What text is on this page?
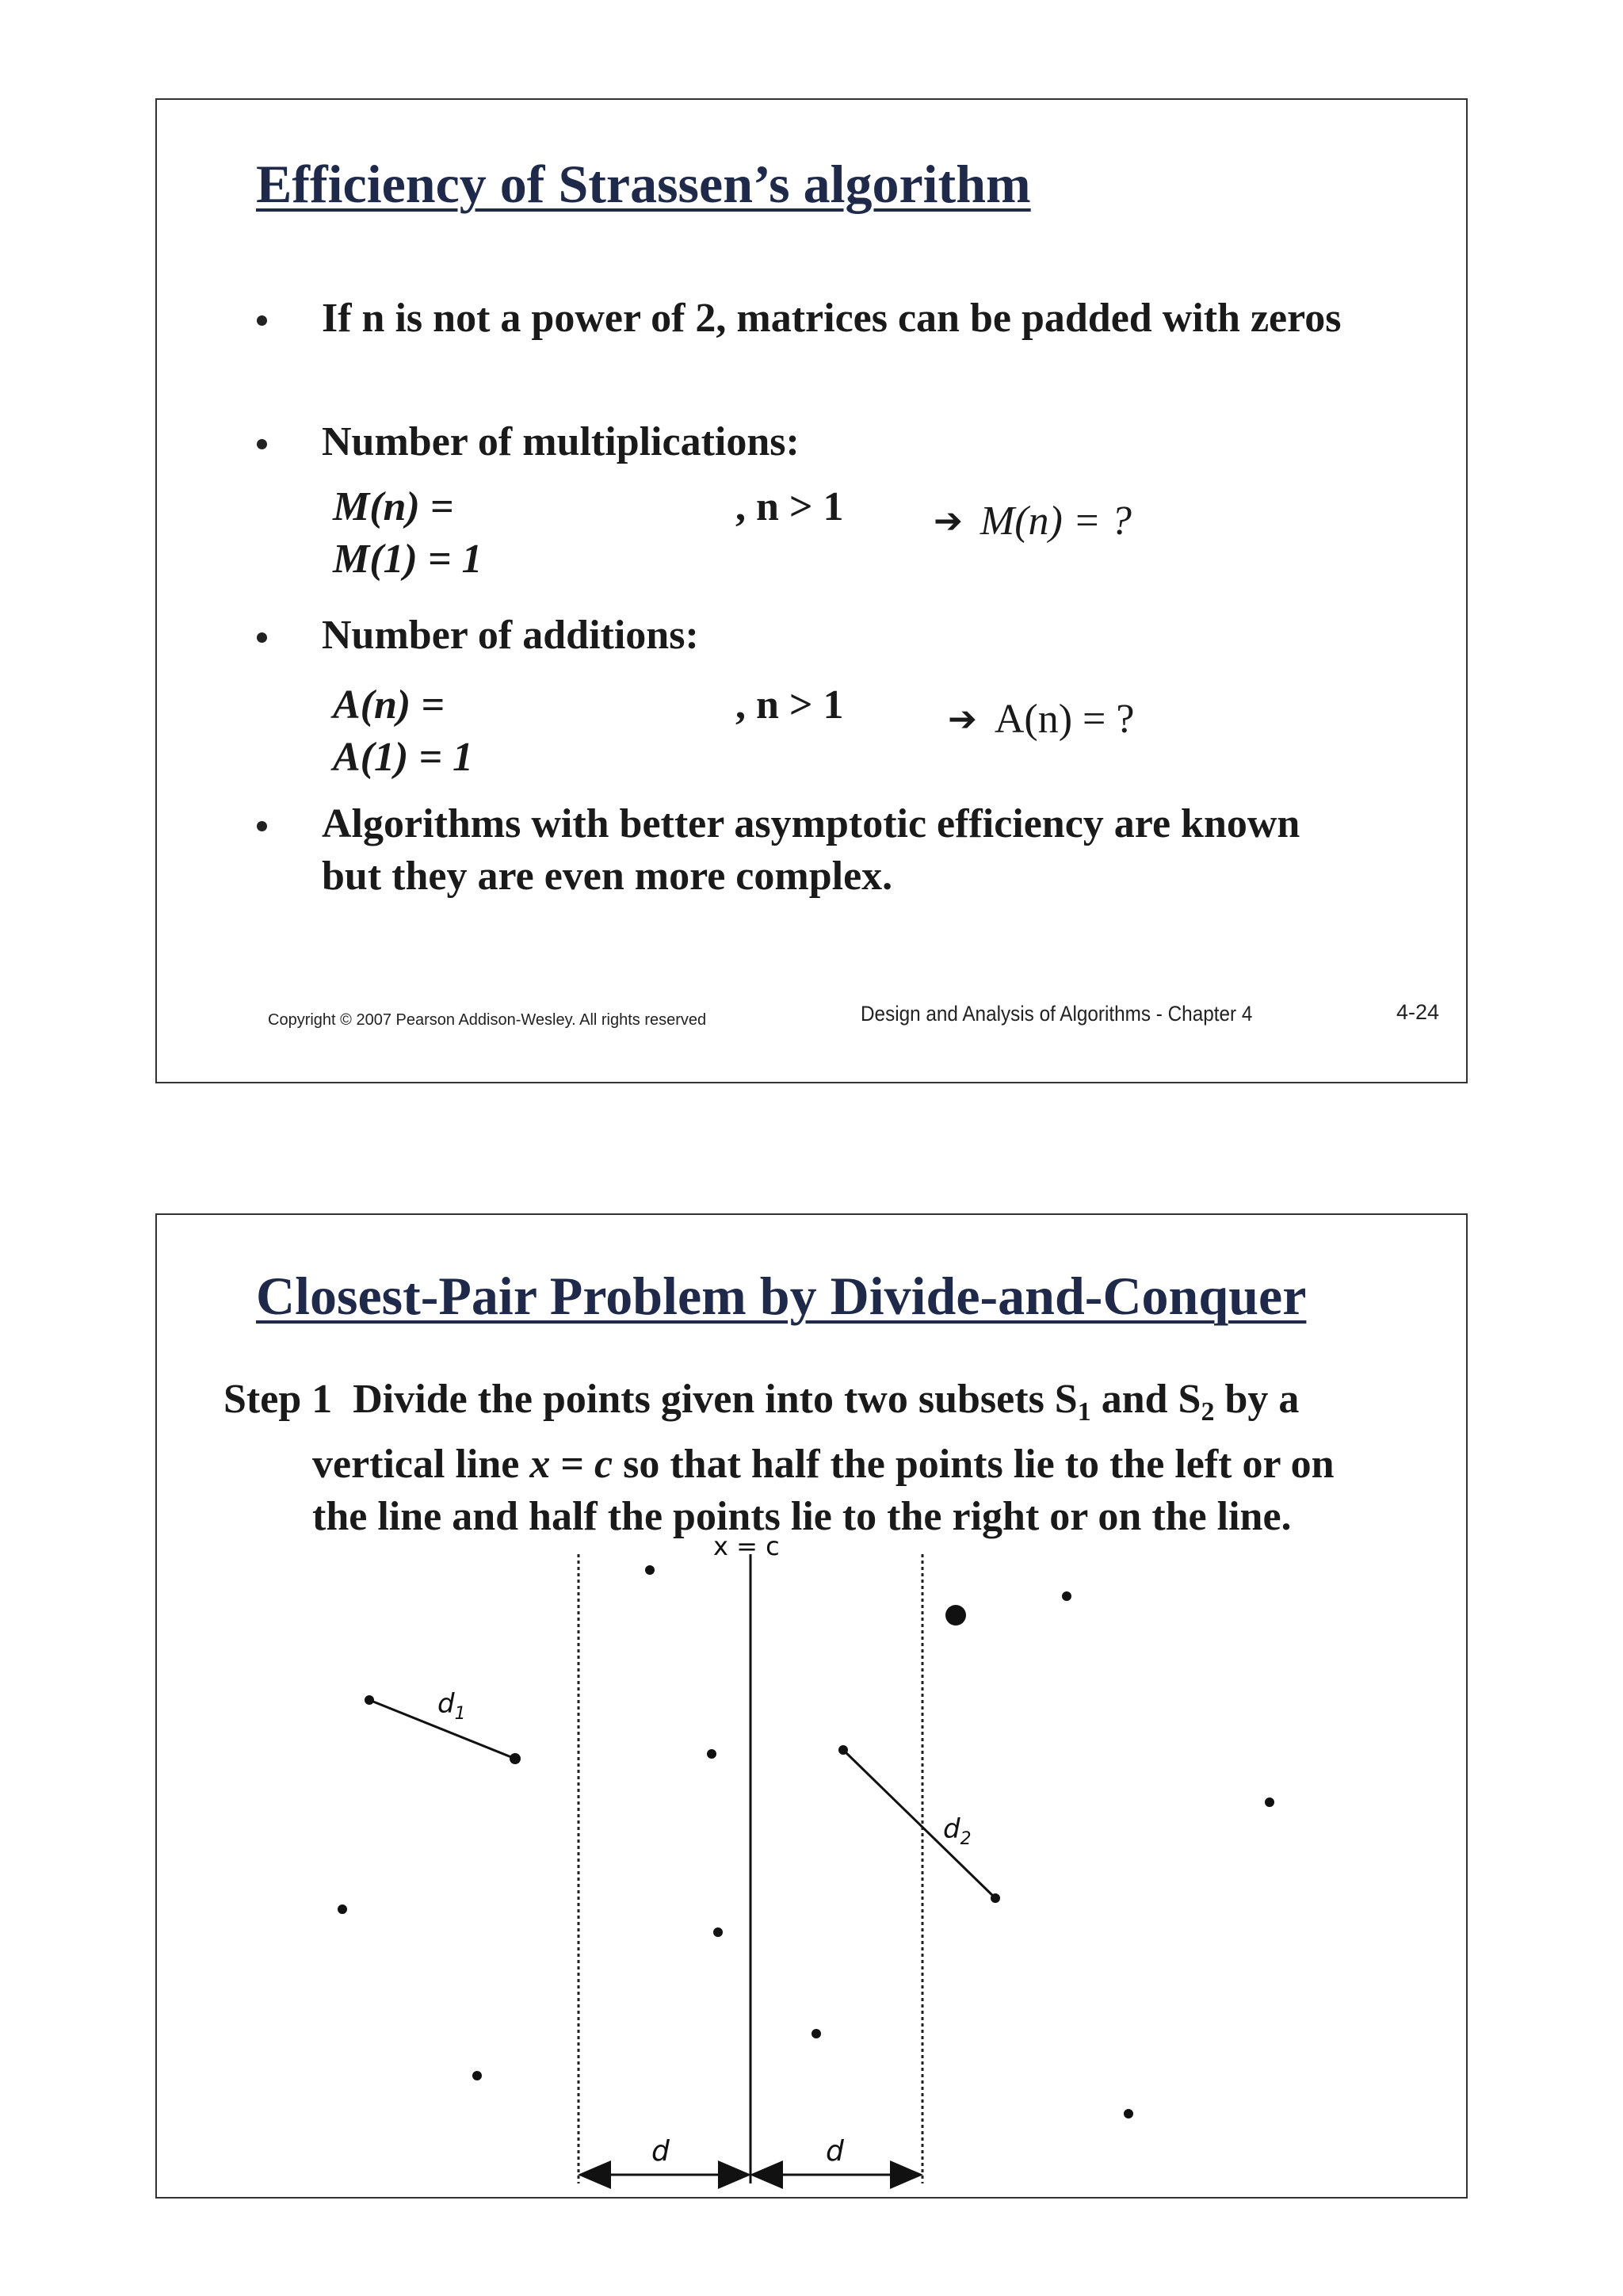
Efficiency of Strassen’s algorithm
If n is not a power of 2, matrices can be padded with zeros
Number of multiplications:
M(n) =	, n > 1
M(1) = 1
➔ M(n) = ?
Number of additions:
A(n) =	, n > 1
A(1) = 1
➔ A(n) = ?
Algorithms with better asymptotic efficiency are known
but they are even more complex.
Copyright © 2007 Pearson Addison-Wesley. All rights reserved	Design and Analysis of Algorithms - Chapter 4	4-24
Closest-Pair Problem by Divide-and-Conquer
Step 1 Divide the points given into two subsets $S_1$ and $S_2$ by a
vertical line x = c so that half the points lie to the left or on
the line and half the points lie to the right or on the line.
x = c
$d_1$
$d_2$
d	d
